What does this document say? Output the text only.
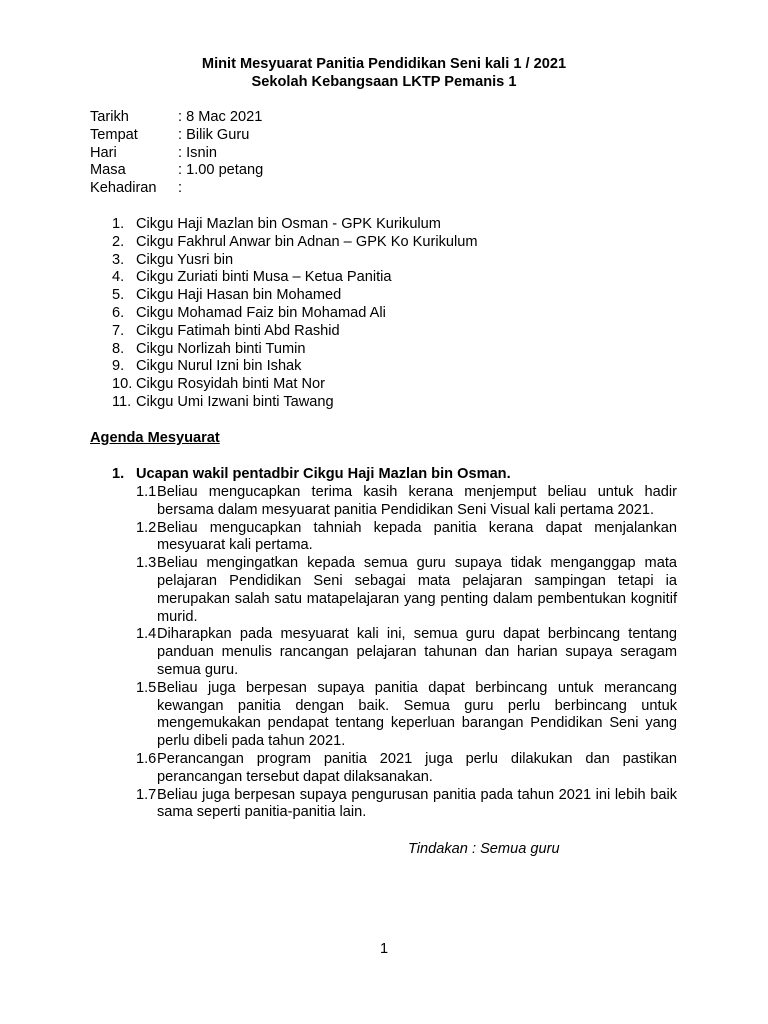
Minit Mesyuarat Panitia Pendidikan Seni kali 1 / 2021
Sekolah Kebangsaan LKTP Pemanis 1
Tarikh	: 8 Mac 2021
Tempat	: Bilik Guru
Hari	: Isnin
Masa	: 1.00 petang
Kehadiran :
1. Cikgu Haji Mazlan bin Osman - GPK Kurikulum
2. Cikgu Fakhrul Anwar bin Adnan – GPK Ko Kurikulum
3. Cikgu Yusri bin
4. Cikgu Zuriati binti Musa – Ketua Panitia
5. Cikgu Haji Hasan bin Mohamed
6. Cikgu Mohamad Faiz bin Mohamad Ali
7. Cikgu Fatimah binti Abd Rashid
8. Cikgu Norlizah binti Tumin
9. Cikgu Nurul Izni bin Ishak
10. Cikgu Rosyidah binti Mat Nor
11. Cikgu Umi Izwani binti Tawang
Agenda Mesyuarat
1. Ucapan wakil pentadbir Cikgu Haji Mazlan bin Osman.
1.1 Beliau mengucapkan terima kasih kerana menjemput beliau untuk hadir bersama dalam mesyuarat panitia Pendidikan Seni Visual kali pertama 2021.
1.2 Beliau mengucapkan tahniah kepada panitia kerana dapat menjalankan mesyuarat kali pertama.
1.3 Beliau mengingatkan kepada semua guru supaya tidak menganggap mata pelajaran Pendidikan Seni sebagai mata pelajaran sampingan tetapi ia merupakan salah satu matapelajaran yang penting dalam pembentukan kognitif murid.
1.4 Diharapkan pada mesyuarat kali ini, semua guru dapat berbincang tentang panduan menulis rancangan pelajaran tahunan dan harian supaya seragam semua guru.
1.5 Beliau juga berpesan supaya panitia dapat berbincang untuk merancang kewangan panitia dengan baik. Semua guru perlu berbincang untuk mengemukakan pendapat tentang keperluan barangan Pendidikan Seni yang perlu dibeli pada tahun 2021.
1.6 Perancangan program panitia 2021 juga perlu dilakukan dan pastikan perancangan tersebut dapat dilaksanakan.
1.7 Beliau juga berpesan supaya pengurusan panitia pada tahun 2021 ini lebih baik sama seperti panitia-panitia lain.
Tindakan : Semua guru
1
